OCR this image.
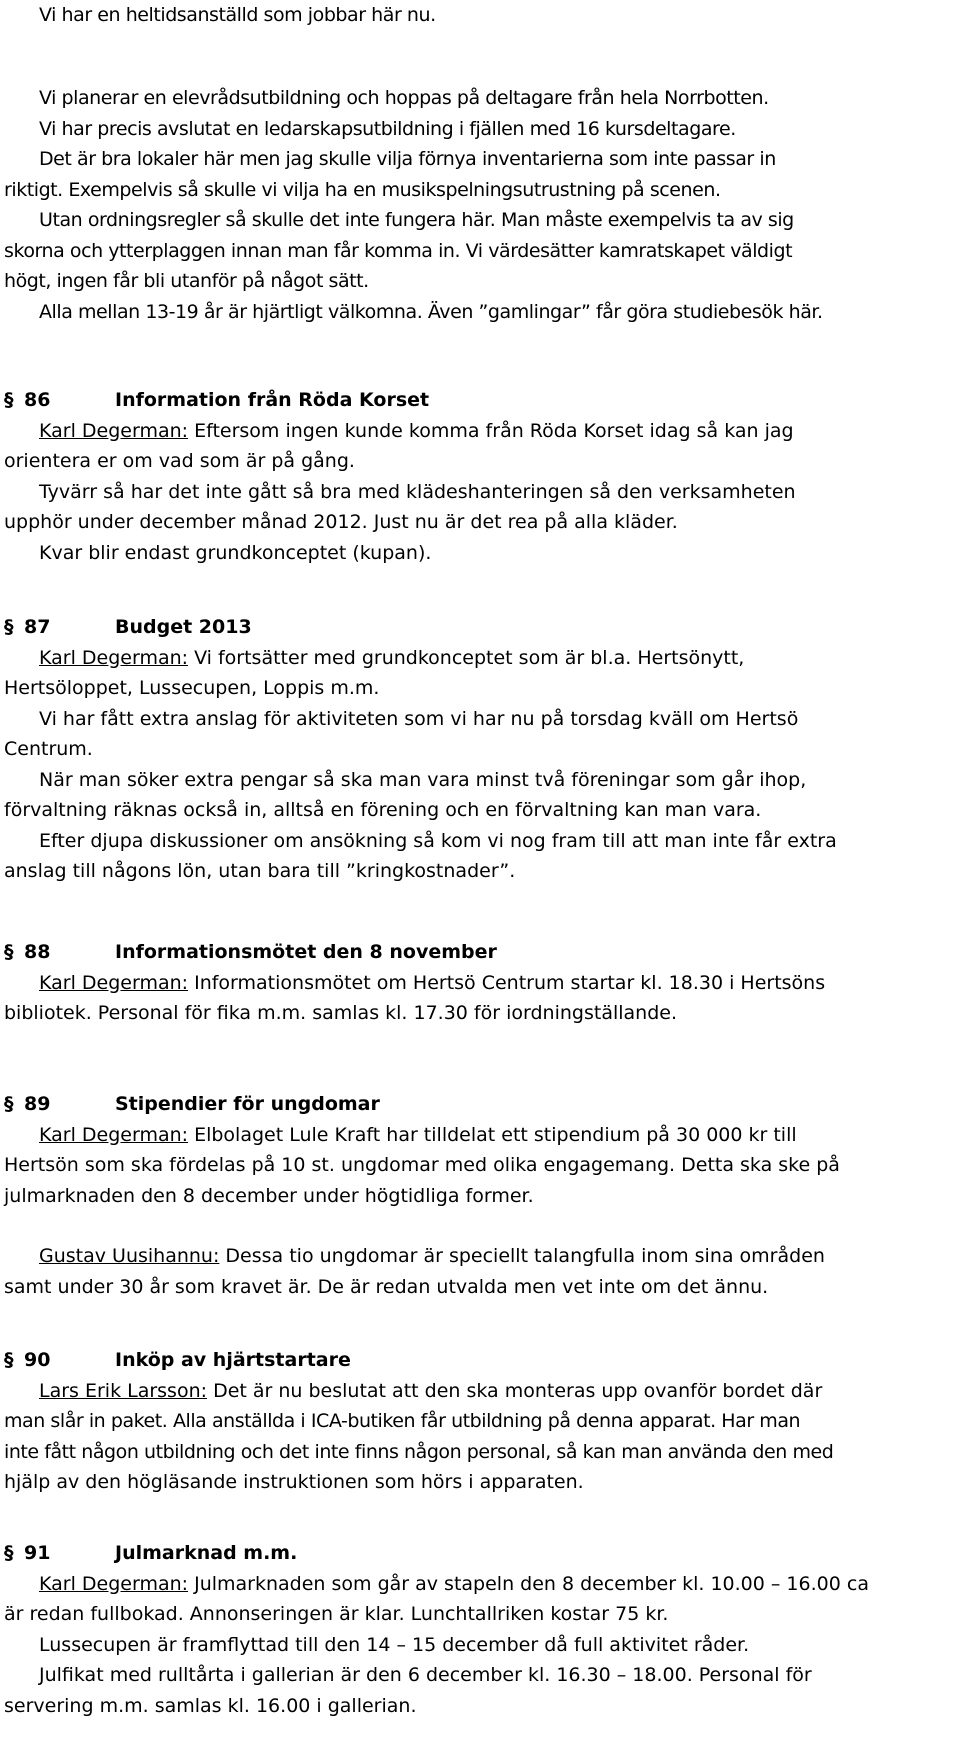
Vi har en heltidsanställd som jobbar här nu.

Vi planerar en elevrådsutbildning och hoppas på deltagare från hela Norrbotten.

Vi har precis avslutat en ledarskapsutbildning i fjällen med 16 kursdeltagare.

Det är bra lokaler här men jag skulle vilja förnya inventarierna som inte passar in

riktigt. Exempelvis så skulle vi vilja ha en musikspelningsutrustning på scenen.

Utan ordningsregler så skulle det inte fungera här. Man måste exempelvis ta av sig

skorna och ytterplaggen innan man får komma in. Vi värdesätter kamratskapet väldigt

högt, ingen får bli utanför på något sätt.

Alla mellan 13-19 år är hjärtligt välkomna. Även ”gamlingar” får göra studiebesök här.

§ 86	Information från Röda Korset

Karl Degerman: Eftersom ingen kunde komma från Röda Korset idag så kan jag

orientera er om vad som är på gång.

Tyvärr så har det inte gått så bra med klädeshanteringen så den verksamheten

upphör under december månad 2012. Just nu är det rea på alla kläder.

Kvar blir endast grundkonceptet (kupan).

§ 87	Budget 2013

Karl Degerman: Vi fortsätter med grundkonceptet som är bl.a. Hertsönytt,

Hertsöloppet, Lussecupen, Loppis m.m.

Vi har fått extra anslag för aktiviteten som vi har nu på torsdag kväll om Hertsö

Centrum.

När man söker extra pengar så ska man vara minst två föreningar som går ihop,

förvaltning räknas också in, alltså en förening och en förvaltning kan man vara.

Efter djupa diskussioner om ansökning så kom vi nog fram till att man inte får extra

anslag till någons lön, utan bara till ”kringkostnader”.

§ 88	Informationsmötet den 8 november

Karl Degerman: Informationsmötet om Hertsö Centrum startar kl. 18.30 i Hertsöns

bibliotek. Personal för fika m.m. samlas kl. 17.30 för iordningställande.

§ 89	Stipendier för ungdomar

Karl Degerman: Elbolaget Lule Kraft har tilldelat ett stipendium på 30 000 kr till

Hertsön som ska fördelas på 10 st. ungdomar med olika engagemang. Detta ska ske på

julmarknaden den 8 december under högtidliga former.

Gustav Uusihannu: Dessa tio ungdomar är speciellt talangfulla inom sina områden

samt under 30 år som kravet är. De är redan utvalda men vet inte om det ännu.

§ 90	Inköp av hjärtstartare

Lars Erik Larsson: Det är nu beslutat att den ska monteras upp ovanför bordet där

man slår in paket. Alla anställda i ICA-butiken får utbildning på denna apparat. Har man

inte fått någon utbildning och det inte finns någon personal, så kan man använda den med

hjälp av den högläsande instruktionen som hörs i apparaten.

§ 91	Julmarknad m.m.

Karl Degerman: Julmarknaden som går av stapeln den 8 december kl. 10.00 – 16.00 ca

är redan fullbokad. Annonseringen är klar. Lunchtallriken kostar 75 kr.

Lussecupen är framflyttad till den 14 – 15 december då full aktivitet råder.

Julfikat med rulltårta i gallerian är den 6 december kl. 16.30 – 18.00. Personal för

servering m.m. samlas kl. 16.00 i gallerian.
